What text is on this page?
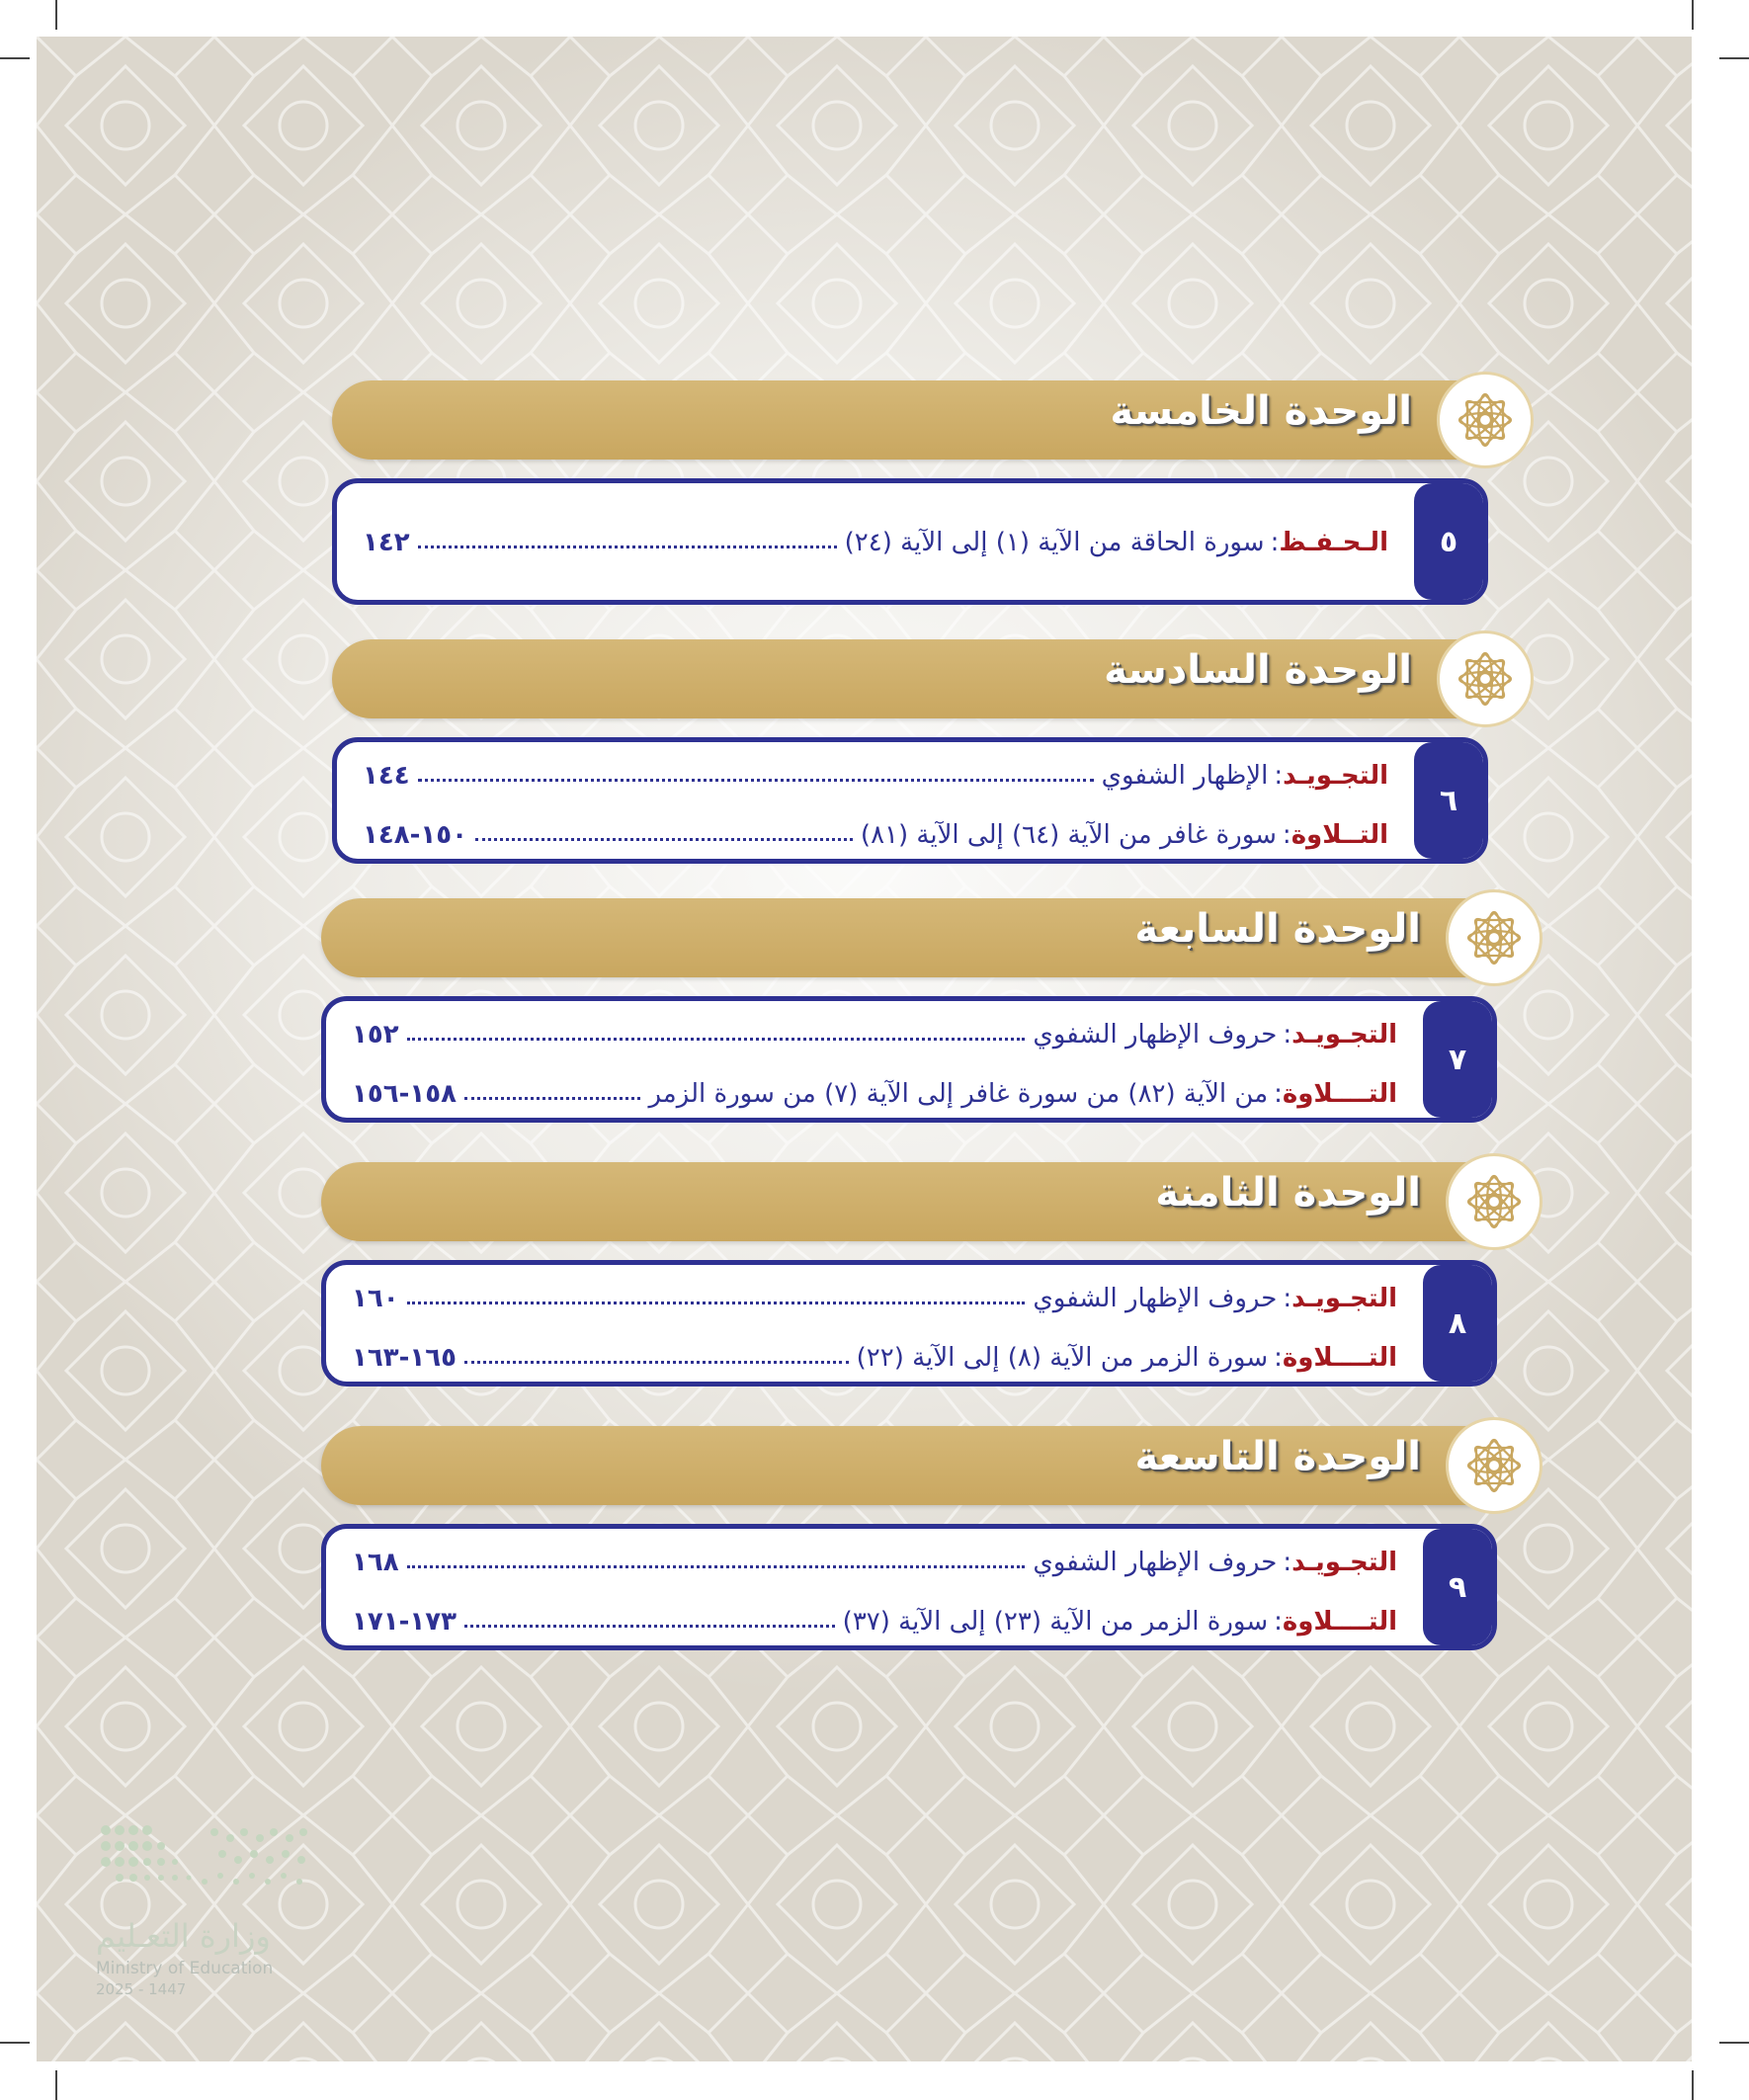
الوحدة الخامسة
٥
الـحـفـظ
:
سورة الحاقة من الآية (١) إلى الآية (٢٤)
١٤٢
الوحدة السادسة
٦
التجـويـد
:
الإظهار الشفوي
١٤٤
التــلاوة
:
سورة غافر من الآية (٦٤) إلى الآية (٨١)
١٥٠-١٤٨
الوحدة السابعة
٧
التجـويـد
:
حروف الإظهار الشفوي
١٥٢
التــــلاوة
:
من الآية (٨٢) من سورة غافر إلى الآية (٧) من سورة الزمر
١٥٨-١٥٦
الوحدة الثامنة
٨
التجـويـد
:
حروف الإظهار الشفوي
١٦٠
التــــلاوة
:
سورة الزمر من الآية (٨) إلى الآية (٢٢)
١٦٥-١٦٣
الوحدة التاسعة
٩
التجـويـد
:
حروف الإظهار الشفوي
١٦٨
التــــلاوة
:
سورة الزمر من الآية (٢٣) إلى الآية (٣٧)
١٧٣-١٧١
وزارة التعـليم
Ministry of Education
2025 - 1447
